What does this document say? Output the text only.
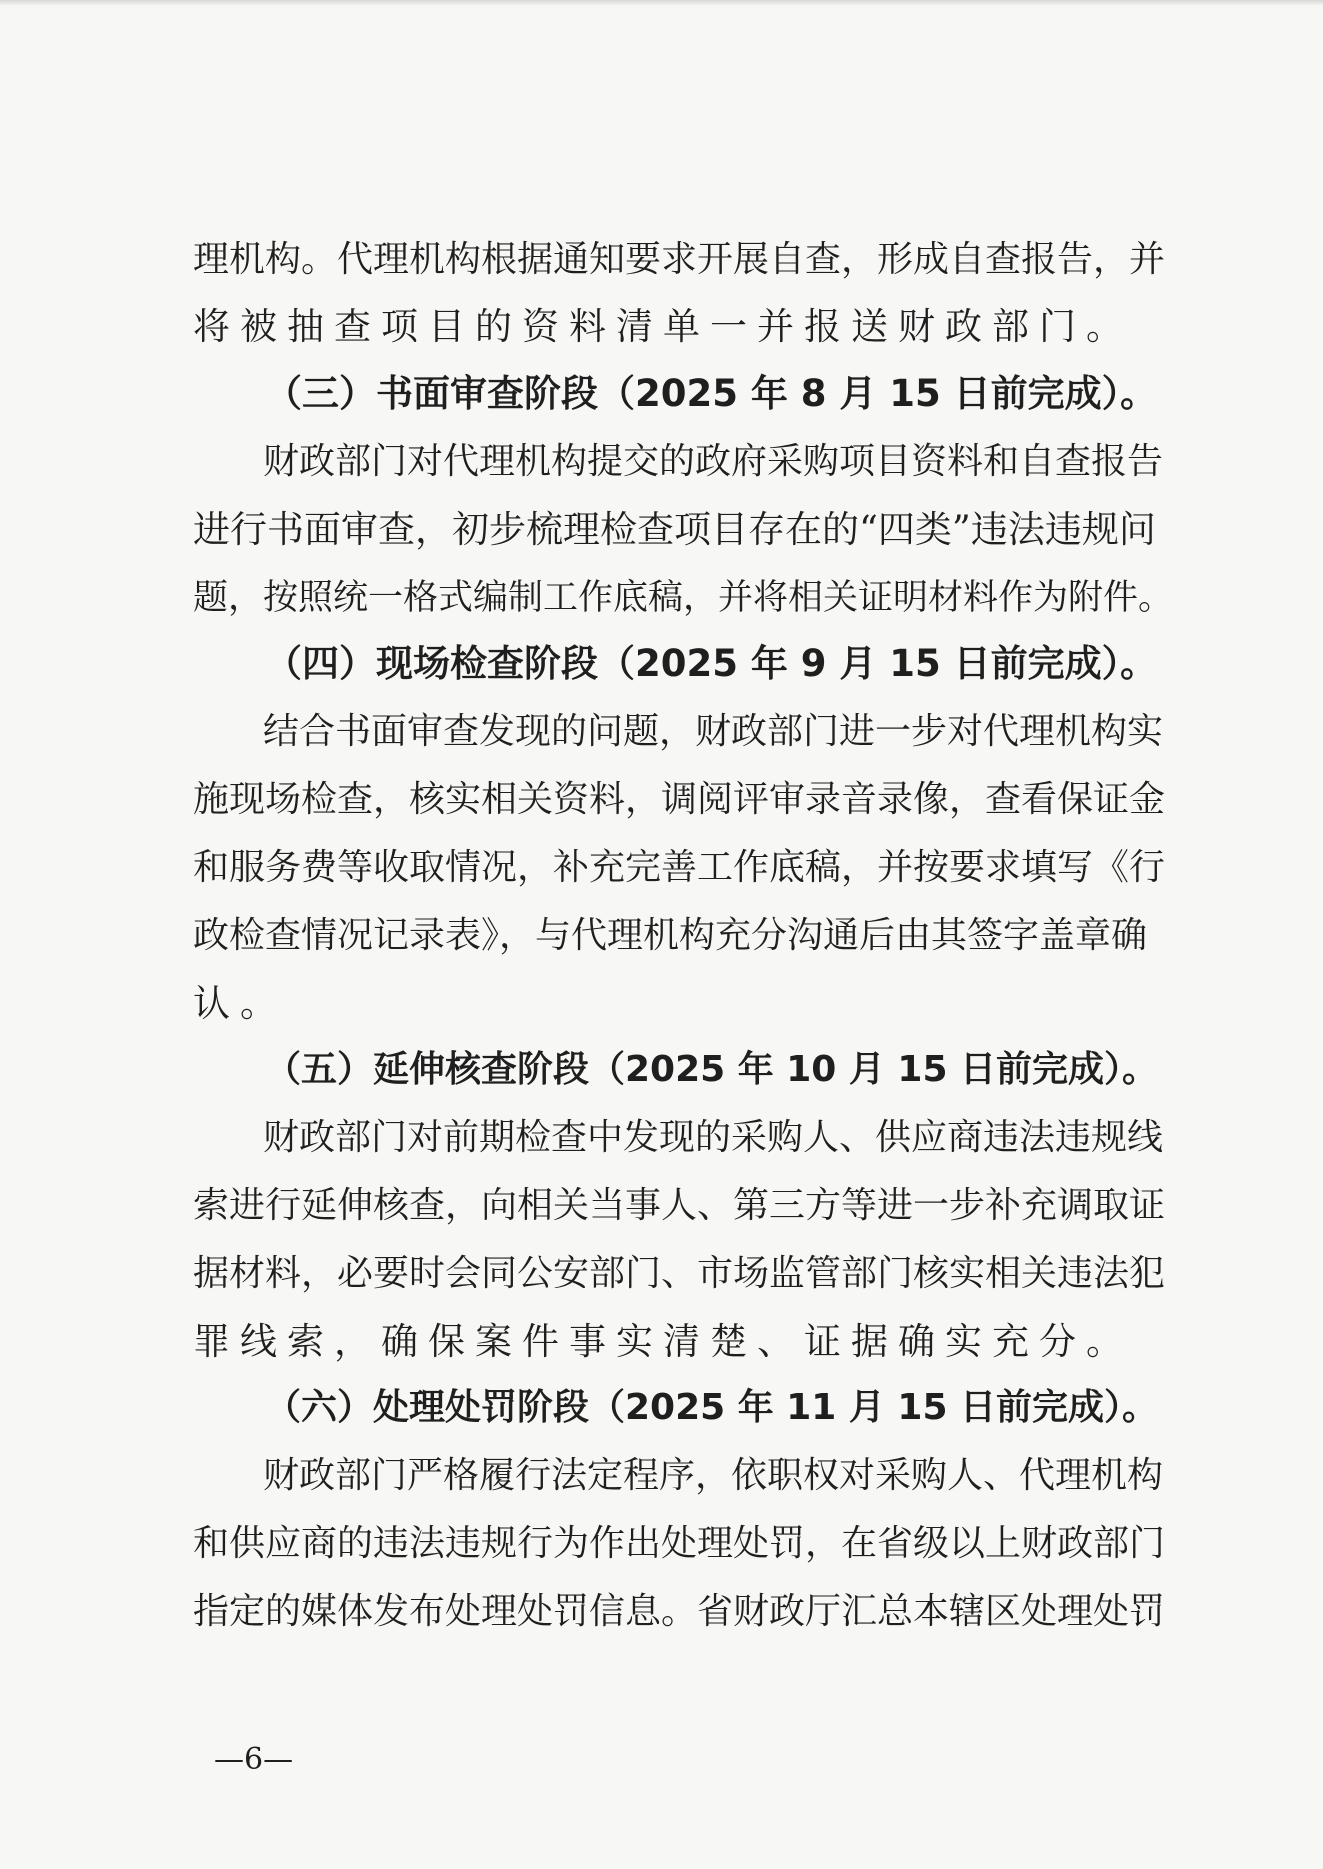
理机构。代理机构根据通知要求开展自查，形成自查报告，并
将被抽查项目的资料清单一并报送财政部门。
（三）书面审查阶段（2025 年 8 月 15 日前完成）。
财政部门对代理机构提交的政府采购项目资料和自查报告
进行书面审查，初步梳理检查项目存在的“四类”违法违规问
题，按照统一格式编制工作底稿，并将相关证明材料作为附件。
（四）现场检查阶段（2025 年 9 月 15 日前完成）。
结合书面审查发现的问题，财政部门进一步对代理机构实
施现场检查，核实相关资料，调阅评审录音录像，查看保证金
和服务费等收取情况，补充完善工作底稿，并按要求填写《行
政检查情况记录表》，与代理机构充分沟通后由其签字盖章确
认。
（五）延伸核查阶段（2025 年 10 月 15 日前完成）。
财政部门对前期检查中发现的采购人、供应商违法违规线
索进行延伸核查，向相关当事人、第三方等进一步补充调取证
据材料，必要时会同公安部门、市场监管部门核实相关违法犯
罪线索，确保案件事实清楚、证据确实充分。
（六）处理处罚阶段（2025 年 11 月 15 日前完成）。
财政部门严格履行法定程序，依职权对采购人、代理机构
和供应商的违法违规行为作出处理处罚，在省级以上财政部门
指定的媒体发布处理处罚信息。省财政厅汇总本辖区处理处罚
—6—
